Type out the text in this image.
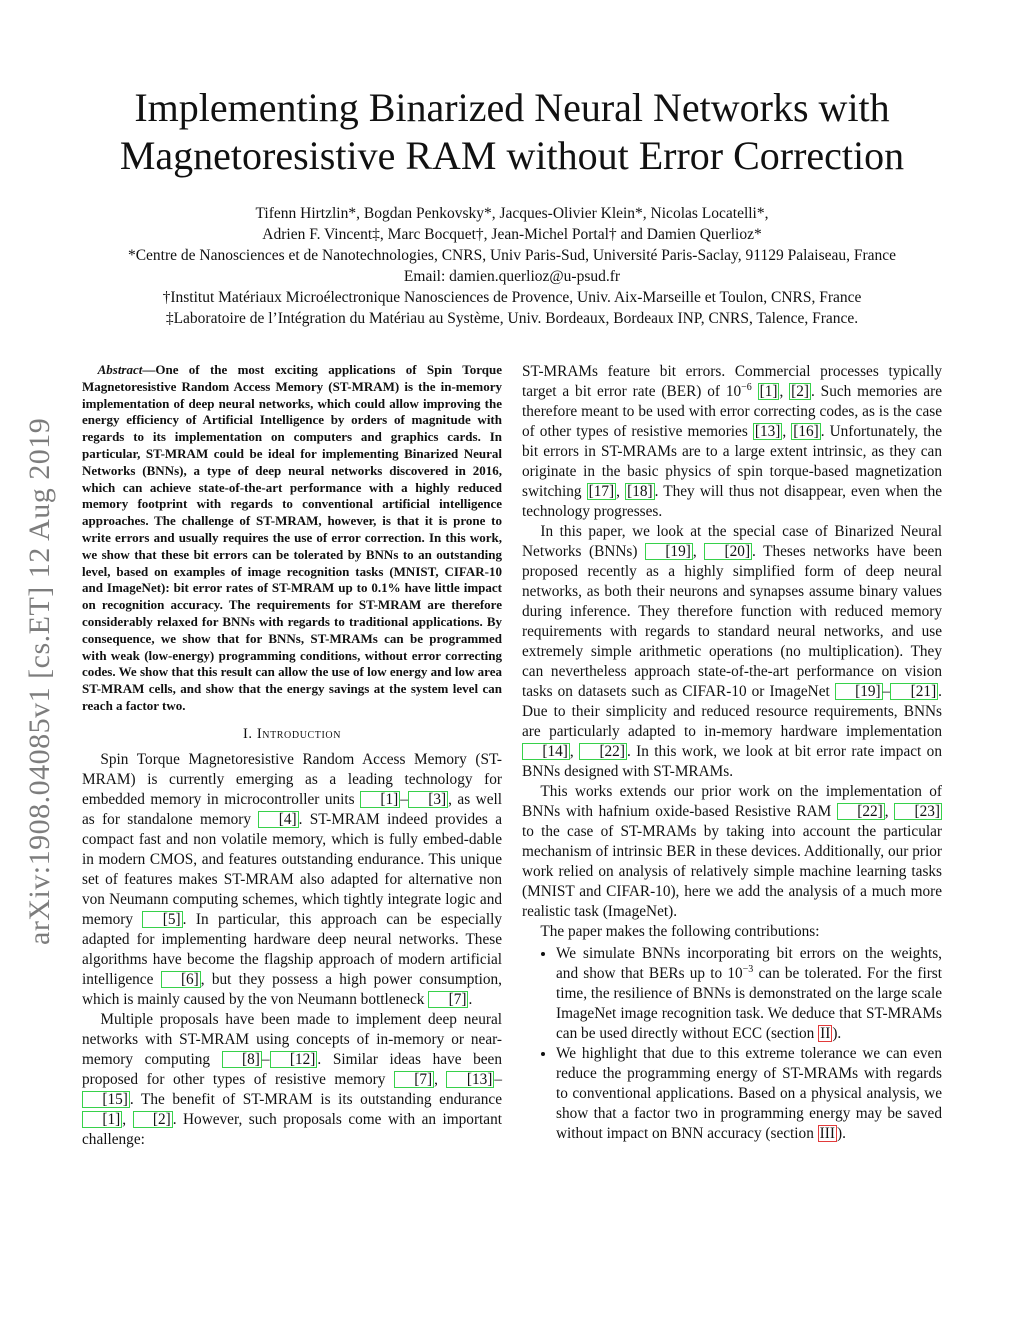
Implementing Binarized Neural Networks with
Magnetoresistive RAM without Error Correction
Tifenn Hirtzlin*, Bogdan Penkovsky*, Jacques-Olivier Klein*, Nicolas Locatelli*,
Adrien F. Vincent‡, Marc Bocquet†, Jean-Michel Portal† and Damien Querlioz*
*Centre de Nanosciences et de Nanotechnologies, CNRS, Univ Paris-Sud, Université Paris-Saclay, 91129 Palaiseau, France
Email: damien.querlioz@u-psud.fr
†Institut Matériaux Microélectronique Nanosciences de Provence, Univ. Aix-Marseille et Toulon, CNRS, France
‡Laboratoire de l’Intégration du Matériau au Système, Univ. Bordeaux, Bordeaux INP, CNRS, Talence, France.
arXiv:1908.04085v1 [cs.ET] 12 Aug 2019
Abstract—One of the most exciting applications of Spin Torque Magnetoresistive Random Access Memory (ST-MRAM) is the in-memory implementation of deep neural networks, which could allow improving the energy efficiency of Artificial Intelligence by orders of magnitude with regards to its implementation on computers and graphics cards. In particular, ST-MRAM could be ideal for implementing Binarized Neural Networks (BNNs), a type of deep neural networks discovered in 2016, which can achieve state-of-the-art performance with a highly reduced memory footprint with regards to conventional artificial intelligence approaches. The challenge of ST-MRAM, however, is that it is prone to write errors and usually requires the use of error correction. In this work, we show that these bit errors can be tolerated by BNNs to an outstanding level, based on examples of image recognition tasks (MNIST, CIFAR-10 and ImageNet): bit error rates of ST-MRAM up to 0.1% have little impact on recognition accuracy. The requirements for ST-MRAM are therefore considerably relaxed for BNNs with regards to traditional applications. By consequence, we show that for BNNs, ST-MRAMs can be programmed with weak (low-energy) programming conditions, without error correcting codes. We show that this result can allow the use of low energy and low area ST-MRAM cells, and show that the energy savings at the system level can reach a factor two.
I. Introduction

Spin Torque Magnetoresistive Random Access Memory (ST-MRAM) is currently emerging as a leading technology for embedded memory in microcontroller units [1] – [3] , as well as for standalone memory [4] . ST-MRAM indeed provides a compact fast and non volatile memory, which is fully embed-dable in modern CMOS, and features outstanding endurance. This unique set of features makes ST-MRAM also adapted for alternative non von Neumann computing schemes, which tightly integrate logic and memory [5] . In particular, this approach can be especially adapted for implementing hardware deep neural networks. These algorithms have become the flagship approach of modern artificial intelligence [6] , but they possess a high power consumption, which is mainly caused by the von Neumann bottleneck [7] .

Multiple proposals have been made to implement deep neural networks with ST-MRAM using concepts of in-memory or near-memory computing [8] – [12] . Similar ideas have been proposed for other types of resistive memory [7] , [13] –[15] . The benefit of ST-MRAM is its outstanding endurance [1] , [2] . However, such proposals come with an important challenge:

ST-MRAMs feature bit errors. Commercial processes typically target a bit error rate (BER) of $10^{-6}$ [1] , [2] . Such memories are therefore meant to be used with error correcting codes, as is the case of other types of resistive memories [13] , [16] . Unfortunately, the bit errors in ST-MRAMs are to a large extent intrinsic, as they can originate in the basic physics of spin torque-based magnetization switching [17] , [18] . They will thus not disappear, even when the technology progresses.

In this paper, we look at the special case of Binarized Neural Networks (BNNs) [19] , [20] . Theses networks have been proposed recently as a highly simplified form of deep neural networks, as both their neurons and synapses assume binary values during inference. They therefore function with reduced memory requirements with regards to standard neural networks, and use extremely simple arithmetic operations (no multiplication). They can nevertheless approach state-of-the-art performance on vision tasks on datasets such as CIFAR-10 or ImageNet [19] – [21] . Due to their simplicity and reduced resource requirements, BNNs are particularly adapted to in-memory hardware implementation [14] , [22] . In this work, we look at bit error rate impact on BNNs designed with ST-MRAMs.

This works extends our prior work on the implementation of BNNs with hafnium oxide-based Resistive RAM [22] , [23] to the case of ST-MRAMs by taking into account the particular mechanism of intrinsic BER in these devices. Additionally, our prior work relied on analysis of relatively simple machine learning tasks (MNIST and CIFAR-10), here we add the analysis of a much more realistic task (ImageNet).

The paper makes the following contributions:

• We simulate BNNs incorporating bit errors on the weights, and show that BERs up to $10^{-3}$ can be tolerated. For the first time, the resilience of BNNs is demonstrated on the large scale ImageNet image recognition task. We deduce that ST-MRAMs can be used directly without ECC (section II ).
• We highlight that due to this extreme tolerance we can even reduce the programming energy of ST-MRAMs with regards to conventional applications. Based on a physical analysis, we show that a factor two in programming energy may be saved without impact on BNN accuracy (section III ).
